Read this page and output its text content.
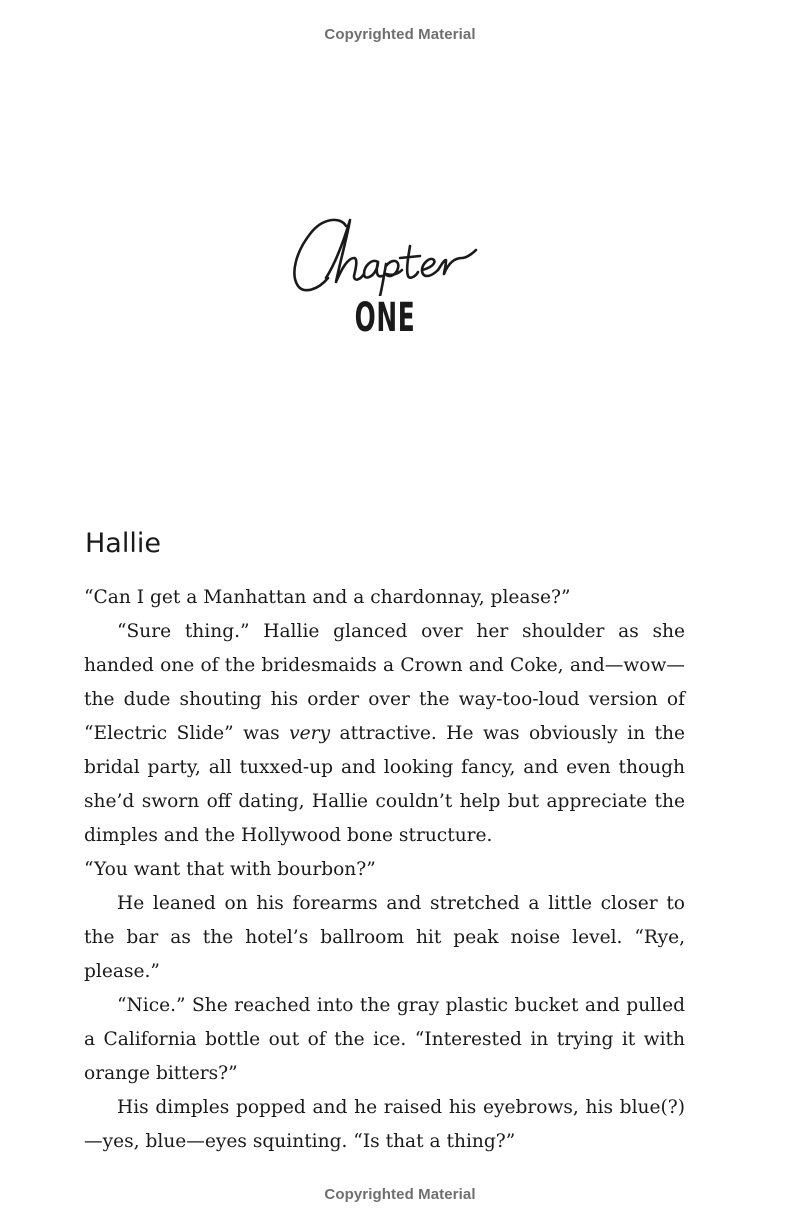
Copyrighted Material
ONE
Hallie

“Can I get a Manhattan and a chardonnay, please?”

“Sure thing.” Hallie glanced over her shoulder as she handed one of the bridesmaids a Crown and Coke, and—wow—the dude shouting his order over the way-too-loud version of “Electric Slide” was very attractive. He was obviously in the bridal party, all tuxxed-up and looking fancy, and even though she’d sworn off dating, Hallie couldn’t help but appreciate the dimples and the Hollywood bone structure.

“You want that with bourbon?”

He leaned on his forearms and stretched a little closer to the bar as the hotel’s ballroom hit peak noise level. “Rye, please.”

“Nice.” She reached into the gray plastic bucket and pulled a California bottle out of the ice. “Interested in trying it with orange bitters?”

His dimples popped and he raised his eyebrows, his blue(?)—yes, blue—eyes squinting. “Is that a thing?”

Copyrighted Material
